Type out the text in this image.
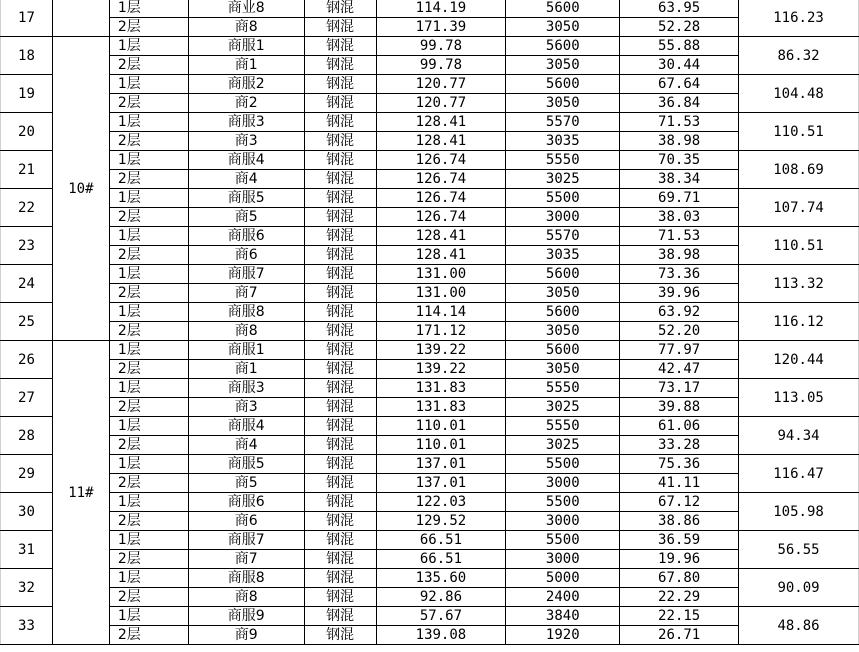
17		1层	商业8	钢混	114.19	5600	63.95	116.23
		2层	商8	钢混	171.39	3050	52.28	
18	10#	1层	商服1	钢混	99.78	5600	55.88	86.32
		2层	商1	钢混	99.78	3050	30.44	
19		1层	商服2	钢混	120.77	5600	67.64	104.48
		2层	商2	钢混	120.77	3050	36.84	
20		1层	商服3	钢混	128.41	5570	71.53	110.51
		2层	商3	钢混	128.41	3035	38.98	
21		1层	商服4	钢混	126.74	5550	70.35	108.69
		2层	商4	钢混	126.74	3025	38.34	
22		1层	商服5	钢混	126.74	5500	69.71	107.74
		2层	商5	钢混	126.74	3000	38.03	
23		1层	商服6	钢混	128.41	5570	71.53	110.51
		2层	商6	钢混	128.41	3035	38.98	
24		1层	商服7	钢混	131.00	5600	73.36	113.32
		2层	商7	钢混	131.00	3050	39.96	
25		1层	商服8	钢混	114.14	5600	63.92	116.12
		2层	商8	钢混	171.12	3050	52.20	
26	11#	1层	商服1	钢混	139.22	5600	77.97	120.44
		2层	商1	钢混	139.22	3050	42.47	
27		1层	商服3	钢混	131.83	5550	73.17	113.05
		2层	商3	钢混	131.83	3025	39.88	
28		1层	商服4	钢混	110.01	5550	61.06	94.34
		2层	商4	钢混	110.01	3025	33.28	
29		1层	商服5	钢混	137.01	5500	75.36	116.47
		2层	商5	钢混	137.01	3000	41.11	
30		1层	商服6	钢混	122.03	5500	67.12	105.98
		2层	商6	钢混	129.52	3000	38.86	
31		1层	商服7	钢混	66.51	5500	36.59	56.55
		2层	商7	钢混	66.51	3000	19.96	
32		1层	商服8	钢混	135.60	5000	67.80	90.09
		2层	商8	钢混	92.86	2400	22.29	
33		1层	商服9	钢混	57.67	3840	22.15	48.86
		2层	商9	钢混	139.08	1920	26.71	
